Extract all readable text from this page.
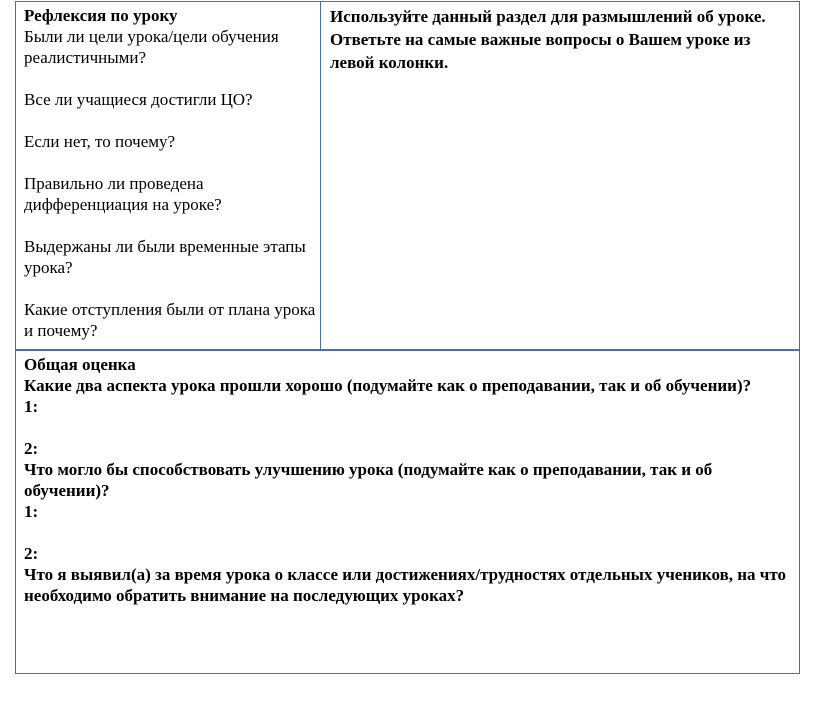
Рефлексия по уроку

Были ли цели урока/цели обучения реалистичными?
Все ли учащиеся достигли ЦО?
Если нет, то почему?
Правильно ли проведена дифференциация на уроке?
Выдержаны ли были временные этапы урока?
Какие отступления были от плана урока и почему?

Используйте данный раздел для размышлений об уроке. Ответьте на самые важные вопросы о Вашем уроке из левой колонки.

Общая оценка

Какие два аспекта урока прошли хорошо (подумайте как о преподавании, так и об обучении)?

1:

2:

Что могло бы способствовать улучшению урока (подумайте как о преподавании, так и об обучении)?

1:

2:

Что я выявил(а) за время урока о классе или достижениях/трудностях отдельных учеников, на что необходимо обратить внимание на последующих уроках?
